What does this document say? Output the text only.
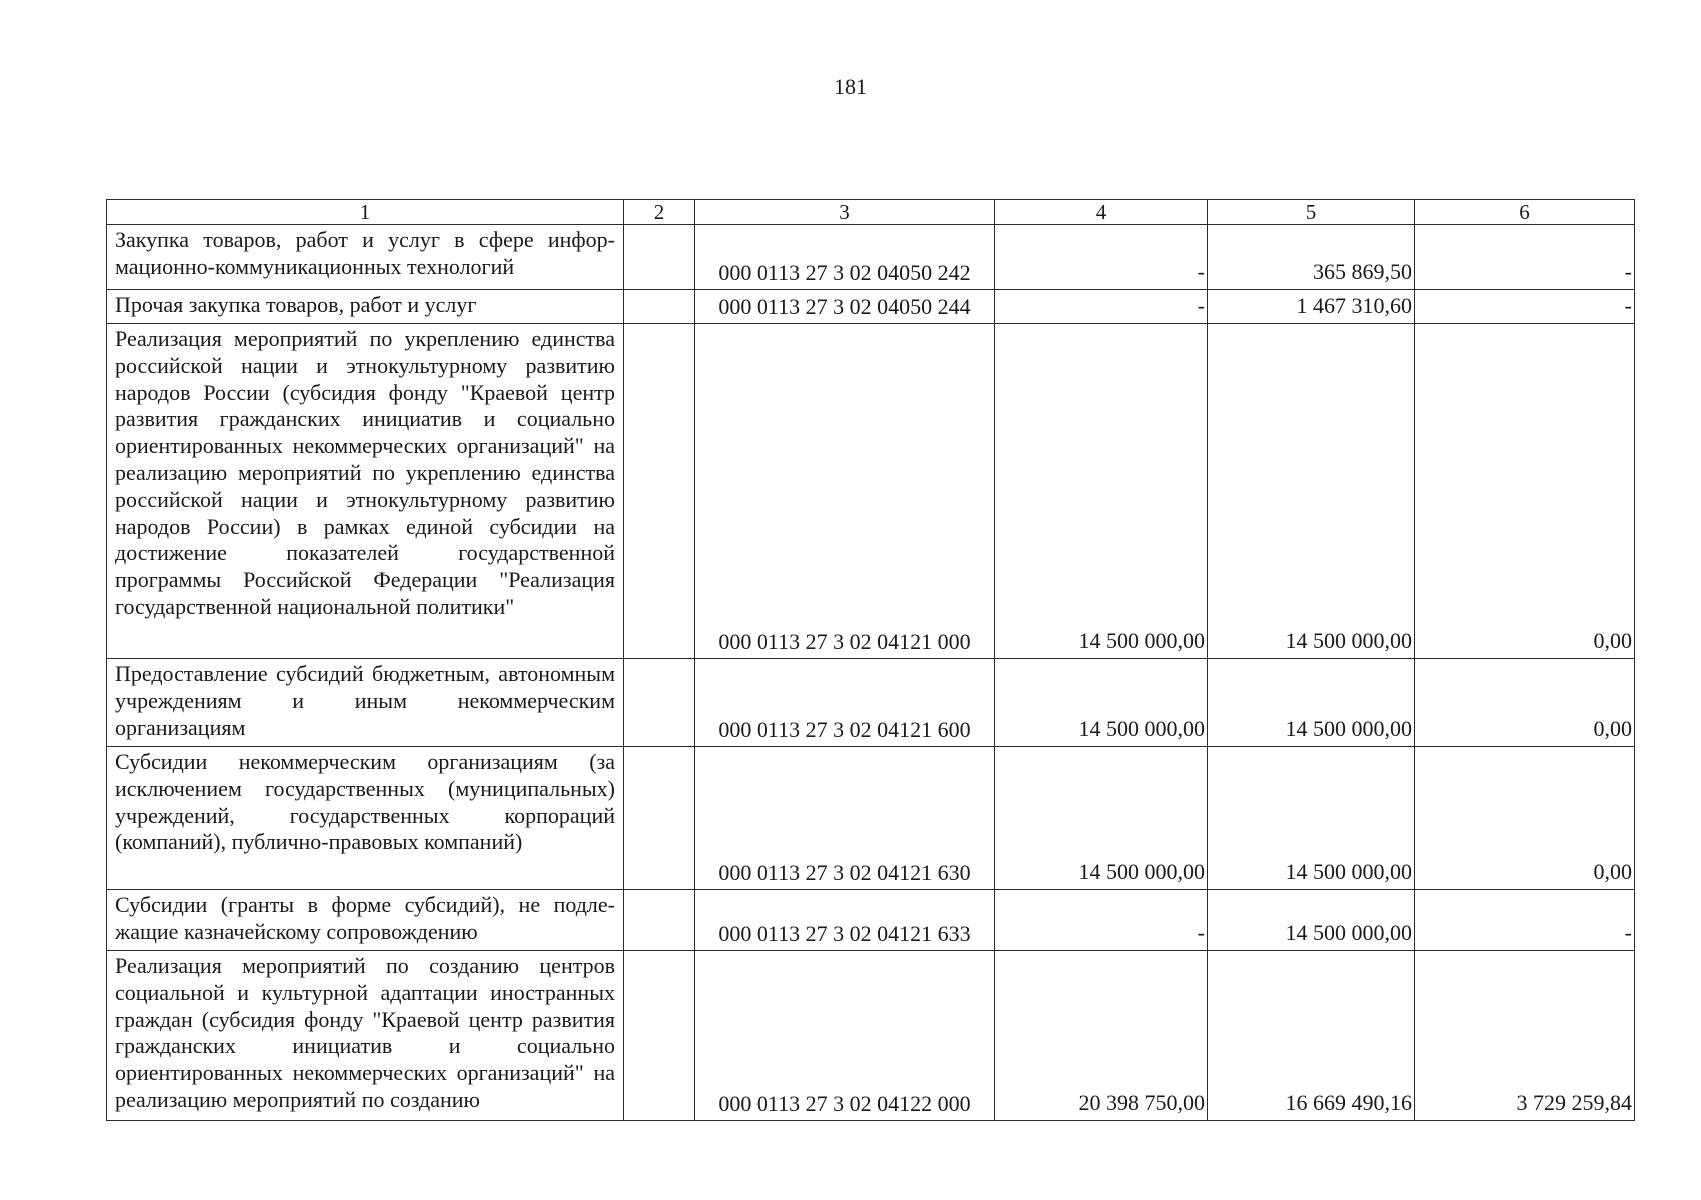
181
1	2	3	4	5	6
Закупка товаров, работ и услуг в сфере информационно-коммуникационных технологий		000 0113 27 3 02 04050 242	-	365 869,50	-
Прочая закупка товаров, работ и услуг		000 0113 27 3 02 04050 244	-	1 467 310,60	-
Реализация мероприятий по укреплению единства российской нации и этнокультурному развитию народов России (субсидия фонду "Краевой центр развития гражданских инициатив и социально ориентированных некоммерческих организаций" на реализацию мероприятий по укреплению единства российской нации и этнокультурному развитию народов России) в рамках единой субсидии на достижение показателей государственной программы Российской Федерации "Реализация государственной национальной политики"		000 0113 27 3 02 04121 000	14 500 000,00	14 500 000,00	0,00
Предоставление субсидий бюджетным, автономным учреждениям и иным некоммерческим организациям		000 0113 27 3 02 04121 600	14 500 000,00	14 500 000,00	0,00
Субсидии некоммерческим организациям (за исключением государственных (муниципальных) учреждений, государственных корпораций (компаний), публично-правовых компаний)		000 0113 27 3 02 04121 630	14 500 000,00	14 500 000,00	0,00
Субсидии (гранты в форме субсидий), не подлежащие казначейскому сопровождению		000 0113 27 3 02 04121 633	-	14 500 000,00	-
Реализация мероприятий по созданию центров социальной и культурной адаптации иностранных граждан (субсидия фонду "Краевой центр развития гражданских инициатив и социально ориентированных некоммерческих организаций" на реализацию мероприятий по созданию		000 0113 27 3 02 04122 000	20 398 750,00	16 669 490,16	3 729 259,84
